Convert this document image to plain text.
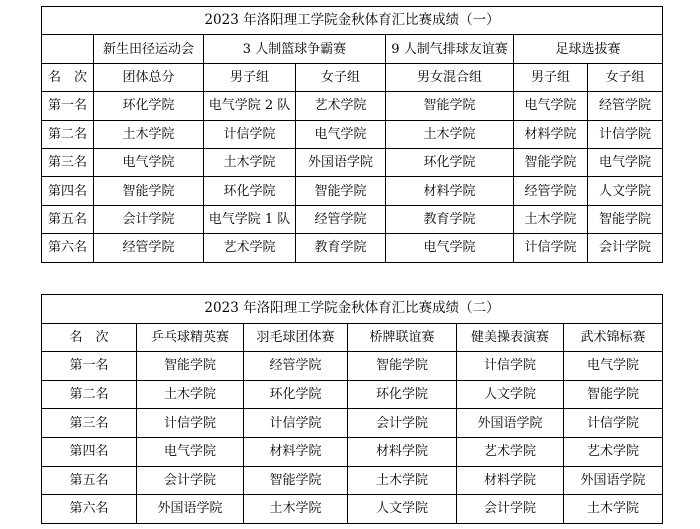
2023 年洛阳理工学院金秋体育汇比赛成绩（一）						
	新生田径运动会	3 人制篮球争霸赛		9 人制气排球友谊赛	足球选拔赛	
名　次	团体总分	男子组	女子组	男女混合组	男子组	女子组
第一名	环化学院	电气学院 2 队	艺术学院	智能学院	电气学院	经管学院
第二名	土木学院	计信学院	电气学院	土木学院	材料学院	计信学院
第三名	电气学院	土木学院	外国语学院	环化学院	智能学院	电气学院
第四名	智能学院	环化学院	智能学院	材料学院	经管学院	人文学院
第五名	会计学院	电气学院 1 队	经管学院	教育学院	土木学院	智能学院
第六名	经管学院	艺术学院	教育学院	电气学院	计信学院	会计学院
2023 年洛阳理工学院金秋体育汇比赛成绩（二）					
名　次	乒乓球精英赛	羽毛球团体赛	桥牌联谊赛	健美操表演赛	武术锦标赛
第一名	智能学院	经管学院	智能学院	计信学院	电气学院
第二名	土木学院	环化学院	环化学院	人文学院	智能学院
第三名	计信学院	计信学院	会计学院	外国语学院	计信学院
第四名	电气学院	材料学院	材料学院	艺术学院	艺术学院
第五名	会计学院	智能学院	土木学院	材料学院	外国语学院
第六名	外国语学院	土木学院	人文学院	会计学院	土木学院
